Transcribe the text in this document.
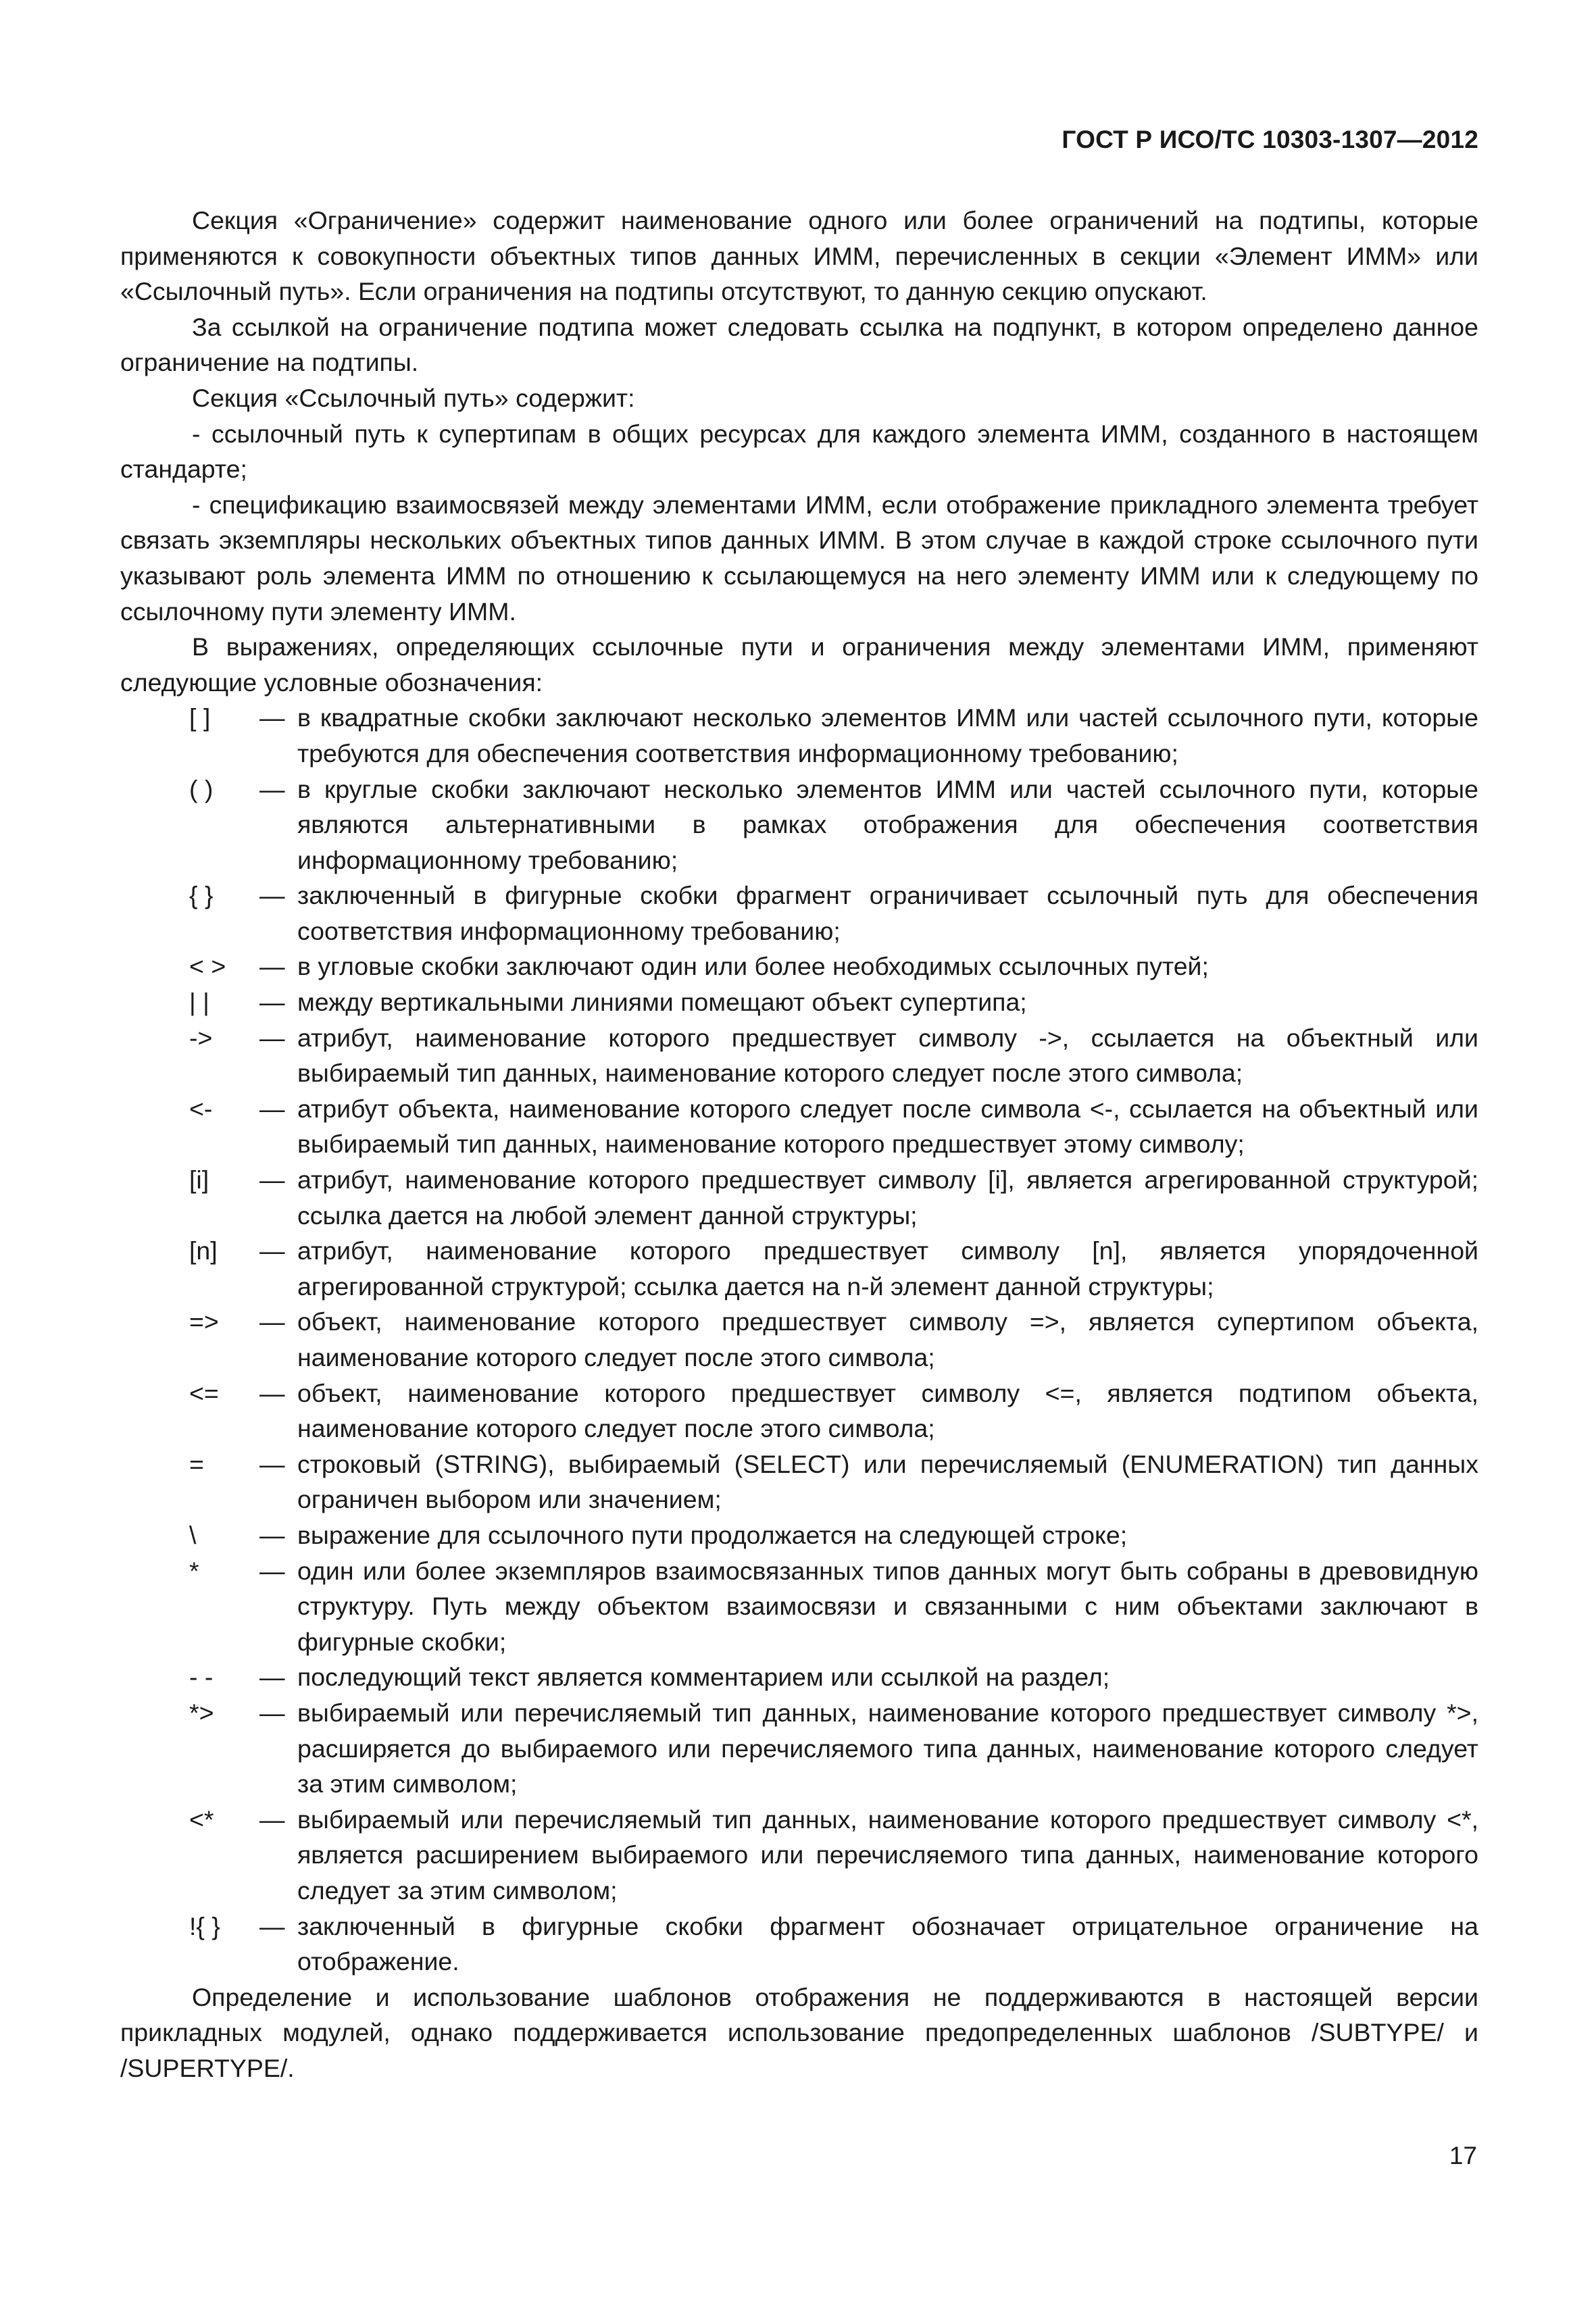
ГОСТ Р ИСО/ТС 10303-1307—2012

Секция «Ограничение» содержит наименование одного или более ограничений на подтипы, которые применяются к совокупности объектных типов данных ИММ, перечисленных в секции «Элемент ИММ» или «Ссылочный путь». Если ограничения на подтипы отсутствуют, то данную секцию опускают.

За ссылкой на ограничение подтипа может следовать ссылка на подпункт, в котором определено данное ограничение на подтипы.

Секция «Ссылочный путь» содержит:

- ссылочный путь к супертипам в общих ресурсах для каждого элемента ИММ, созданного в настоящем стандарте;

- спецификацию взаимосвязей между элементами ИММ, если отображение прикладного элемента требует связать экземпляры нескольких объектных типов данных ИММ. В этом случае в каждой строке ссылочного пути указывают роль элемента ИММ по отношению к ссылающемуся на него элементу ИММ или к следующему по ссылочному пути элементу ИММ.

В выражениях, определяющих ссылочные пути и ограничения между элементами ИММ, применяют следующие условные обозначения:

[ ]	— в квадратные скобки заключают несколько элементов ИММ или частей ссылочного пути, которые требуются для обеспечения соответствия информационному требованию;
( )	— в круглые скобки заключают несколько элементов ИММ или частей ссылочного пути, которые являются альтернативными в рамках отображения для обеспечения соответствия информационному требованию;
{ }	— заключенный в фигурные скобки фрагмент ограничивает ссылочный путь для обеспечения соответствия информационному требованию;
< >	— в угловые скобки заключают один или более необходимых ссылочных путей;
| |	— между вертикальными линиями помещают объект супертипа;
->	— атрибут, наименование которого предшествует символу ->, ссылается на объектный или выбираемый тип данных, наименование которого следует после этого символа;
<-	— атрибут объекта, наименование которого следует после символа <-, ссылается на объектный или выбираемый тип данных, наименование которого предшествует этому символу;
[i]	— атрибут, наименование которого предшествует символу [i], является агрегированной структурой; ссылка дается на любой элемент данной структуры;
[n]	— атрибут, наименование которого предшествует символу [n], является упорядоченной агрегированной структурой; ссылка дается на n-й элемент данной структуры;
=>	— объект, наименование которого предшествует символу =>, является супертипом объекта, наименование которого следует после этого символа;
<=	— объект, наименование которого предшествует символу <=, является подтипом объекта, наименование которого следует после этого символа;
=	— строковый (STRING), выбираемый (SELECT) или перечисляемый (ENUMERATION) тип данных ограничен выбором или значением;
\	— выражение для ссылочного пути продолжается на следующей строке;
*	— один или более экземпляров взаимосвязанных типов данных могут быть собраны в древовидную структуру. Путь между объектом взаимосвязи и связанными с ним объектами заключают в фигурные скобки;
- -	— последующий текст является комментарием или ссылкой на раздел;
*>	— выбираемый или перечисляемый тип данных, наименование которого предшествует символу *>, расширяется до выбираемого или перечисляемого типа данных, наименование которого следует за этим символом;
<*	— выбираемый или перечисляемый тип данных, наименование которого предшествует символу <*, является расширением выбираемого или перечисляемого типа данных, наименование которого следует за этим символом;
!{ }	— заключенный в фигурные скобки фрагмент обозначает отрицательное ограничение на отображение.

Определение и использование шаблонов отображения не поддерживаются в настоящей версии прикладных модулей, однако поддерживается использование предопределенных шаблонов /SUBTYPE/ и /SUPERTYPE/.

17
